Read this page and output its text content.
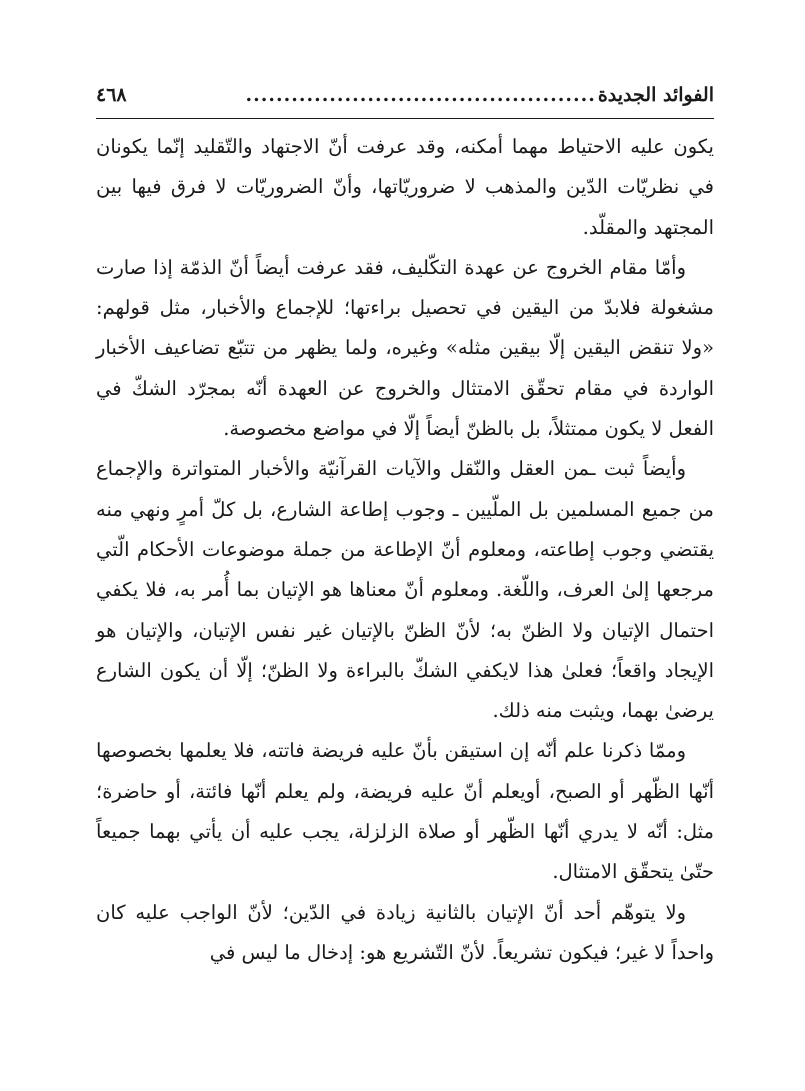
الفوائد الجديدة
..............................................
٤٦٨

يكون عليه الاحتياط مهما أمكنه، وقد عرفت أنّ الاجتهاد والتّقليد إنّما يكونان في نظريّات الدّين والمذهب لا ضروريّاتها، وأنّ الضروريّات لا فرق فيها بين المجتهد والمقلّد.

وأمّا مقام الخروج عن عهدة التكّليف، فقد عرفت أيضاً أنّ الذمّة إذا صارت مشغولة فلابدّ من اليقين في تحصيل براءتها؛ للإجماع والأخبار، مثل قولهم: «ولا تنقض اليقين إلّا بيقين مثله» وغيره، ولما يظهر من تتبّع تضاعيف الأخبار الواردة في مقام تحقّق الامتثال والخروج عن العهدة أنّه بمجرّد الشكّ في الفعل لا يكون ممتثلاً، بل بالظنّ أيضاً إلّا في مواضع مخصوصة.

وأيضاً ثبت ـمن العقل والنّقل والآيات القرآنيّة والأخبار المتواترة والإجماع من جميع المسلمين بل الملّيين ـ وجوب إطاعة الشارع، بل كلّ أمرٍ ونهي منه يقتضي وجوب إطاعته، ومعلوم أنّ الإطاعة من جملة موضوعات الأحكام الّتي مرجعها إلىٰ العرف، واللّغة. ومعلوم أنّ معناها هو الإتيان بما أُمر به، فلا يكفي احتمال الإتيان ولا الظنّ به؛ لأنّ الظنّ بالإتيان غير نفس الإتيان، والإتيان هو الإيجاد واقعاً؛ فعلىٰ هذا لايكفي الشكّ بالبراءة ولا الظنّ؛ إلّا أن يكون الشارع يرضىٰ بهما، ويثبت منه ذلك.

وممّا ذكرنا علم أنّه إن استيقن بأنّ عليه فريضة فاتته، فلا يعلمها بخصوصها أنّها الظّهر أو الصبح، أويعلم أنّ عليه فريضة، ولم يعلم أنّها فائتة، أو حاضرة؛ مثل: أنّه لا يدري أنّها الظّهر أو صلاة الزلزلة، يجب عليه أن يأتي بهما جميعاً حتّىٰ يتحقّق الامتثال.

ولا يتوهّم أحد أنّ الإتيان بالثانية زيادة في الدّين؛ لأنّ الواجب عليه كان واحداً لا غير؛ فيكون تشريعاً. لأنّ التّشريع هو: إدخال ما ليس في
